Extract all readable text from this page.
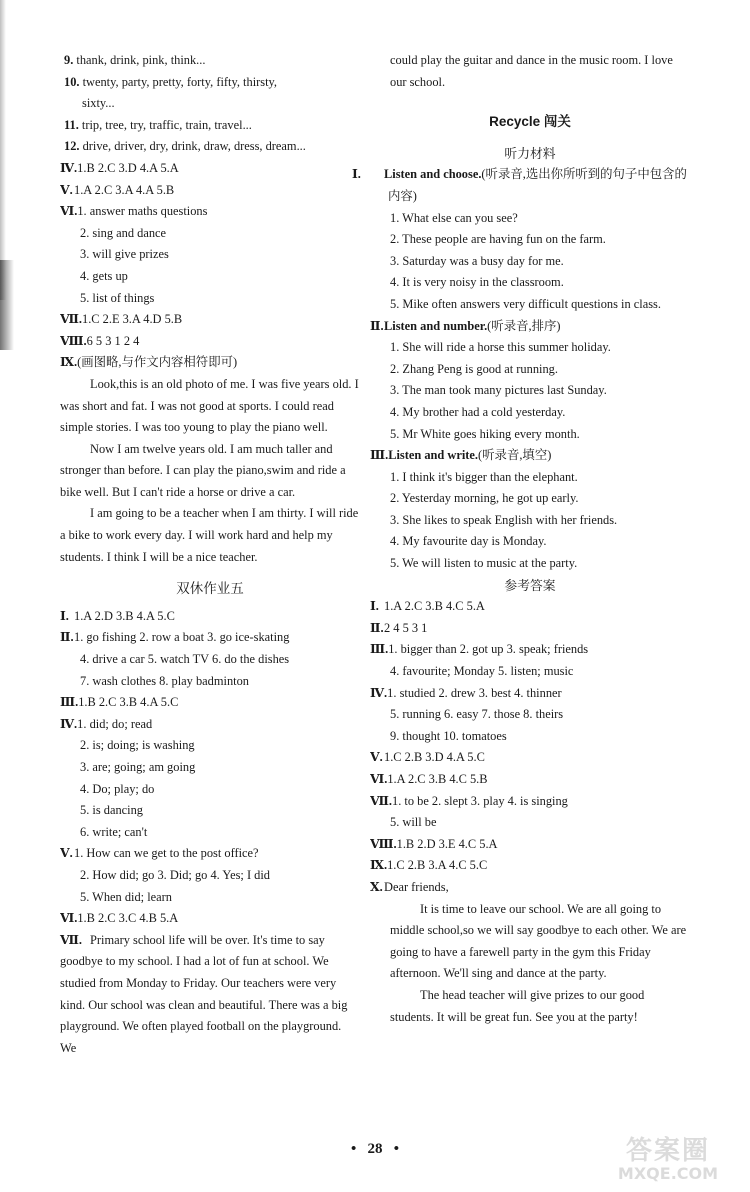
9. thank, drink, pink, think...
10. twenty, party, pretty, forty, fifty, thirsty,
sixty...
11. trip, tree, try, traffic, train, travel...
12. drive, driver, dry, drink, draw, dress, dream...
Ⅳ.1.B 2.C 3.D 4.A 5.A
Ⅴ.1.A 2.C 3.A 4.A 5.B
Ⅵ.1. answer maths questions
2. sing and dance
3. will give prizes
4. gets up
5. list of things
Ⅶ.1.C 2.E 3.A 4.D 5.B
Ⅷ.6 5 3 1 2 4
Ⅸ.(画图略,与作文内容相符即可)
Look,this is an old photo of me. I was five years old. I was short and fat. I was not good at sports. I could read simple stories. I was too young to play the piano well.
Now I am twelve years old. I am much taller and stronger than before. I can play the piano,swim and ride a bike well. But I can't ride a horse or drive a car.
I am going to be a teacher when I am thirty. I will ride a bike to work every day. I will work hard and help my students. I think I will be a nice teacher.
双休作业五
Ⅰ. 1.A 2.D 3.B 4.A 5.C
Ⅱ.1. go fishing 2. row a boat 3. go ice-skating
4. drive a car 5. watch TV 6. do the dishes
7. wash clothes 8. play badminton
Ⅲ.1.B 2.C 3.B 4.A 5.C
Ⅳ.1. did; do; read
2. is; doing; is washing
3. are; going; am going
4. Do; play; do
5. is dancing
6. write; can't
Ⅴ.1. How can we get to the post office?
2. How did; go 3. Did; go 4. Yes; I did
5. When did; learn
Ⅵ.1.B 2.C 3.C 4.B 5.A
Ⅶ. Primary school life will be over. It's time to say goodbye to my school. I had a lot of fun at school. We studied from Monday to Friday. Our teachers were very kind. Our school was clean and beautiful. There was a big playground. We often played football on the playground. We
could play the guitar and dance in the music room. I love our school.
Recycle 闯关
听力材料
Ⅰ. Listen and choose.(听录音,选出你所听到的句子中包含的内容)
1. What else can you see?
2. These people are having fun on the farm.
3. Saturday was a busy day for me.
4. It is very noisy in the classroom.
5. Mike often answers very difficult questions in class.
Ⅱ.Listen and number.(听录音,排序)
1. She will ride a horse this summer holiday.
2. Zhang Peng is good at running.
3. The man took many pictures last Sunday.
4. My brother had a cold yesterday.
5. Mr White goes hiking every month.
Ⅲ.Listen and write.(听录音,填空)
1. I think it's bigger than the elephant.
2. Yesterday morning, he got up early.
3. She likes to speak English with her friends.
4. My favourite day is Monday.
5. We will listen to music at the party.
参考答案
Ⅰ. 1.A 2.C 3.B 4.C 5.A
Ⅱ.2 4 5 3 1
Ⅲ.1. bigger than 2. got up 3. speak; friends
4. favourite; Monday 5. listen; music
Ⅳ.1. studied 2. drew 3. best 4. thinner
5. running 6. easy 7. those 8. theirs
9. thought 10. tomatoes
Ⅴ.1.C 2.B 3.D 4.A 5.C
Ⅵ.1.A 2.C 3.B 4.C 5.B
Ⅶ.1. to be 2. slept 3. play 4. is singing
5. will be
Ⅷ.1.B 2.D 3.E 4.C 5.A
Ⅸ.1.C 2.B 3.A 4.C 5.C
Ⅹ.Dear friends,
It is time to leave our school. We are all going to middle school,so we will say goodbye to each other. We are going to have a farewell party in the gym this Friday afternoon. We'll sing and dance at the party.
The head teacher will give prizes to our good students. It will be great fun. See you at the party!
• 28 •	答案圈
MXQE.COM
